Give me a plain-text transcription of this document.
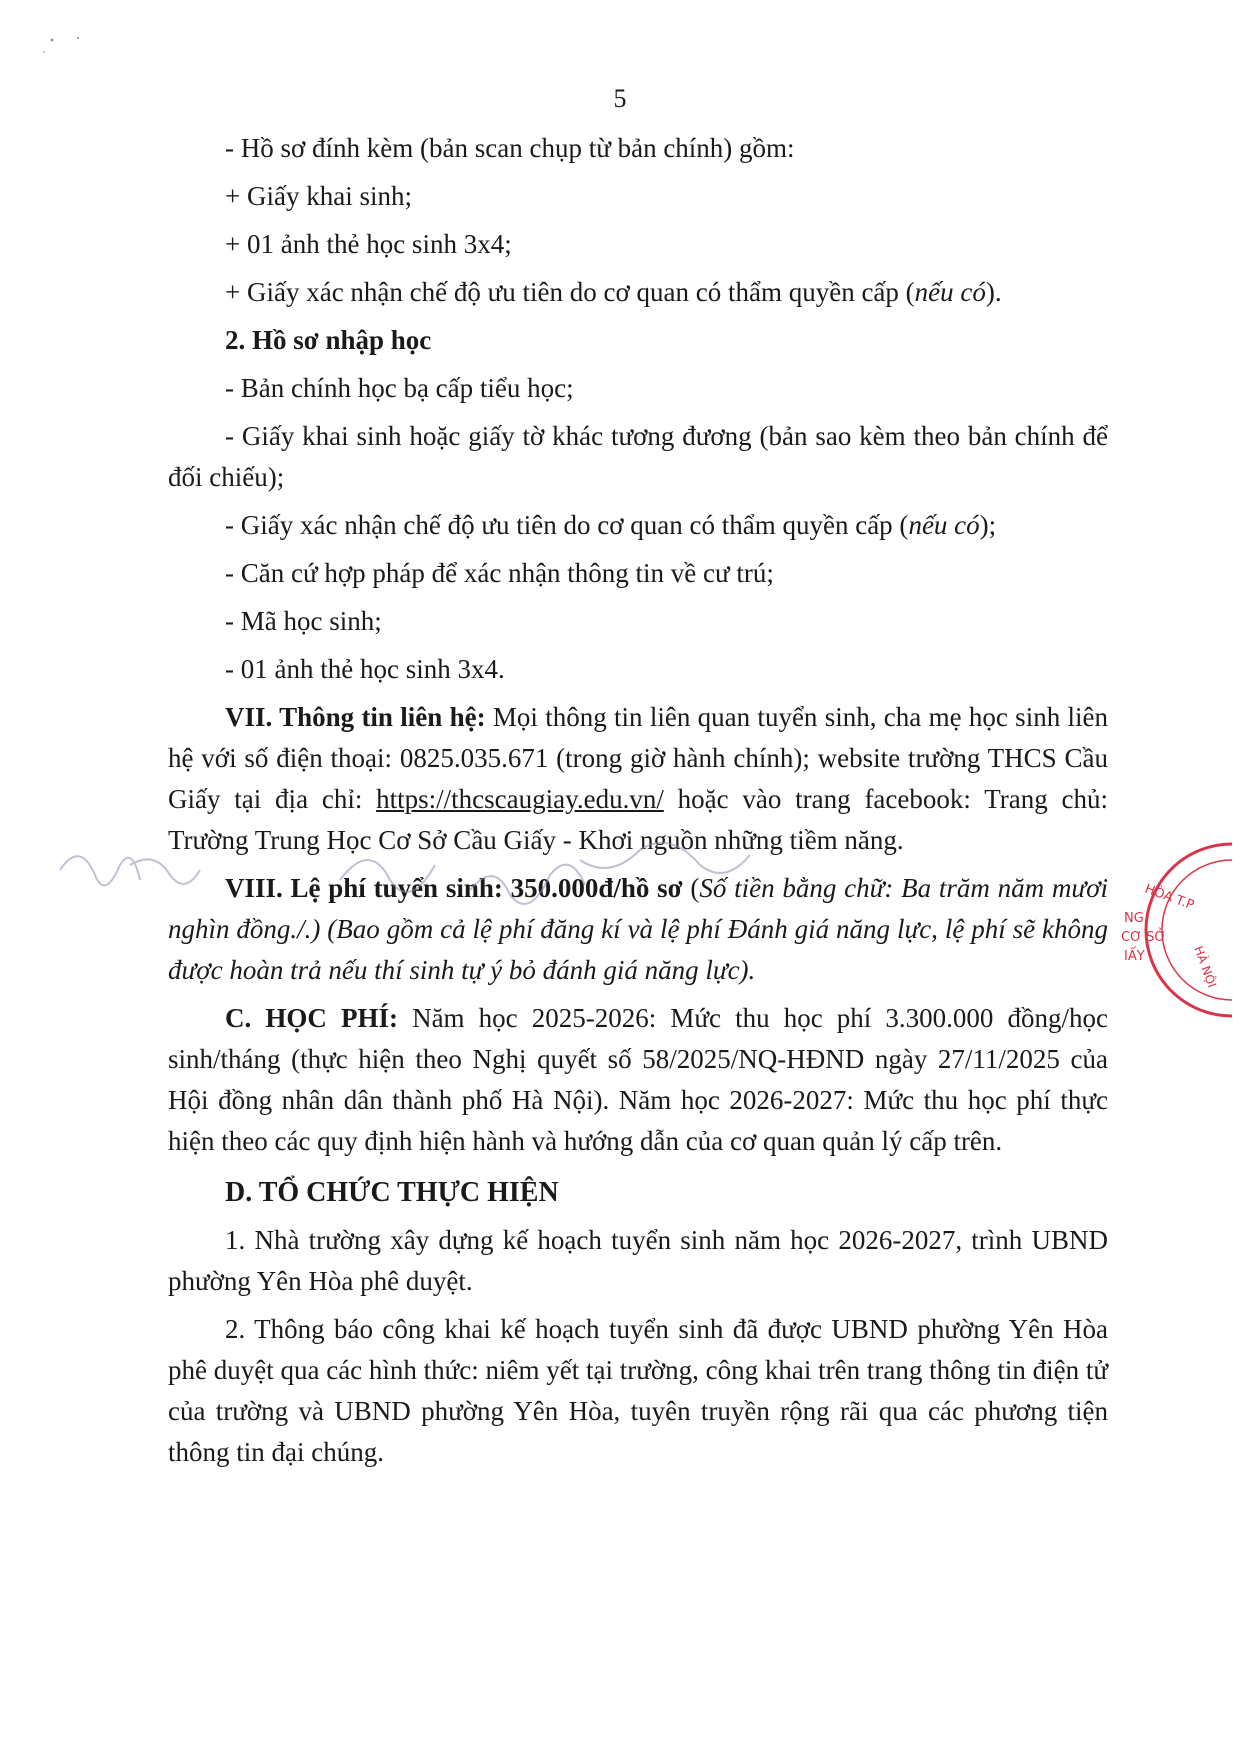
5

- Hồ sơ đính kèm (bản scan chụp từ bản chính) gồm:

+ Giấy khai sinh;

+ 01 ảnh thẻ học sinh 3x4;

+ Giấy xác nhận chế độ ưu tiên do cơ quan có thẩm quyền cấp (nếu có).

2. Hồ sơ nhập học

- Bản chính học bạ cấp tiểu học;

- Giấy khai sinh hoặc giấy tờ khác tương đương (bản sao kèm theo bản chính để đối chiếu);

- Giấy xác nhận chế độ ưu tiên do cơ quan có thẩm quyền cấp (nếu có);

- Căn cứ hợp pháp để xác nhận thông tin về cư trú;

- Mã học sinh;

- 01 ảnh thẻ học sinh 3x4.

VII. Thông tin liên hệ: Mọi thông tin liên quan tuyển sinh, cha mẹ học sinh liên hệ với số điện thoại: 0825.035.671 (trong giờ hành chính); website trường THCS Cầu Giấy tại địa chỉ: https://thcscaugiay.edu.vn/ hoặc vào trang facebook: Trang chủ: Trường Trung Học Cơ Sở Cầu Giấy - Khơi nguồn những tiềm năng.

VIII. Lệ phí tuyển sinh: 350.000đ/hồ sơ (Số tiền bằng chữ: Ba trăm năm mươi nghìn đồng./.) (Bao gồm cả lệ phí đăng kí và lệ phí Đánh giá năng lực, lệ phí sẽ không được hoàn trả nếu thí sinh tự ý bỏ đánh giá năng lực).

C. HỌC PHÍ: Năm học 2025-2026: Mức thu học phí 3.300.000 đồng/học sinh/tháng (thực hiện theo Nghị quyết số 58/2025/NQ-HĐND ngày 27/11/2025 của Hội đồng nhân dân thành phố Hà Nội). Năm học 2026-2027: Mức thu học phí thực hiện theo các quy định hiện hành và hướng dẫn của cơ quan quản lý cấp trên.

D. TỔ CHỨC THỰC HIỆN

1. Nhà trường xây dựng kế hoạch tuyển sinh năm học 2026-2027, trình UBND phường Yên Hòa phê duyệt.

2. Thông báo công khai kế hoạch tuyển sinh đã được UBND phường Yên Hòa phê duyệt qua các hình thức: niêm yết tại trường, công khai trên trang thông tin điện tử của trường và UBND phường Yên Hòa, tuyên truyền rộng rãi qua các phương tiện thông tin đại chúng.

HÒA T.P
HÀ NỘI
NG
CƠ SỞ
IẤY
